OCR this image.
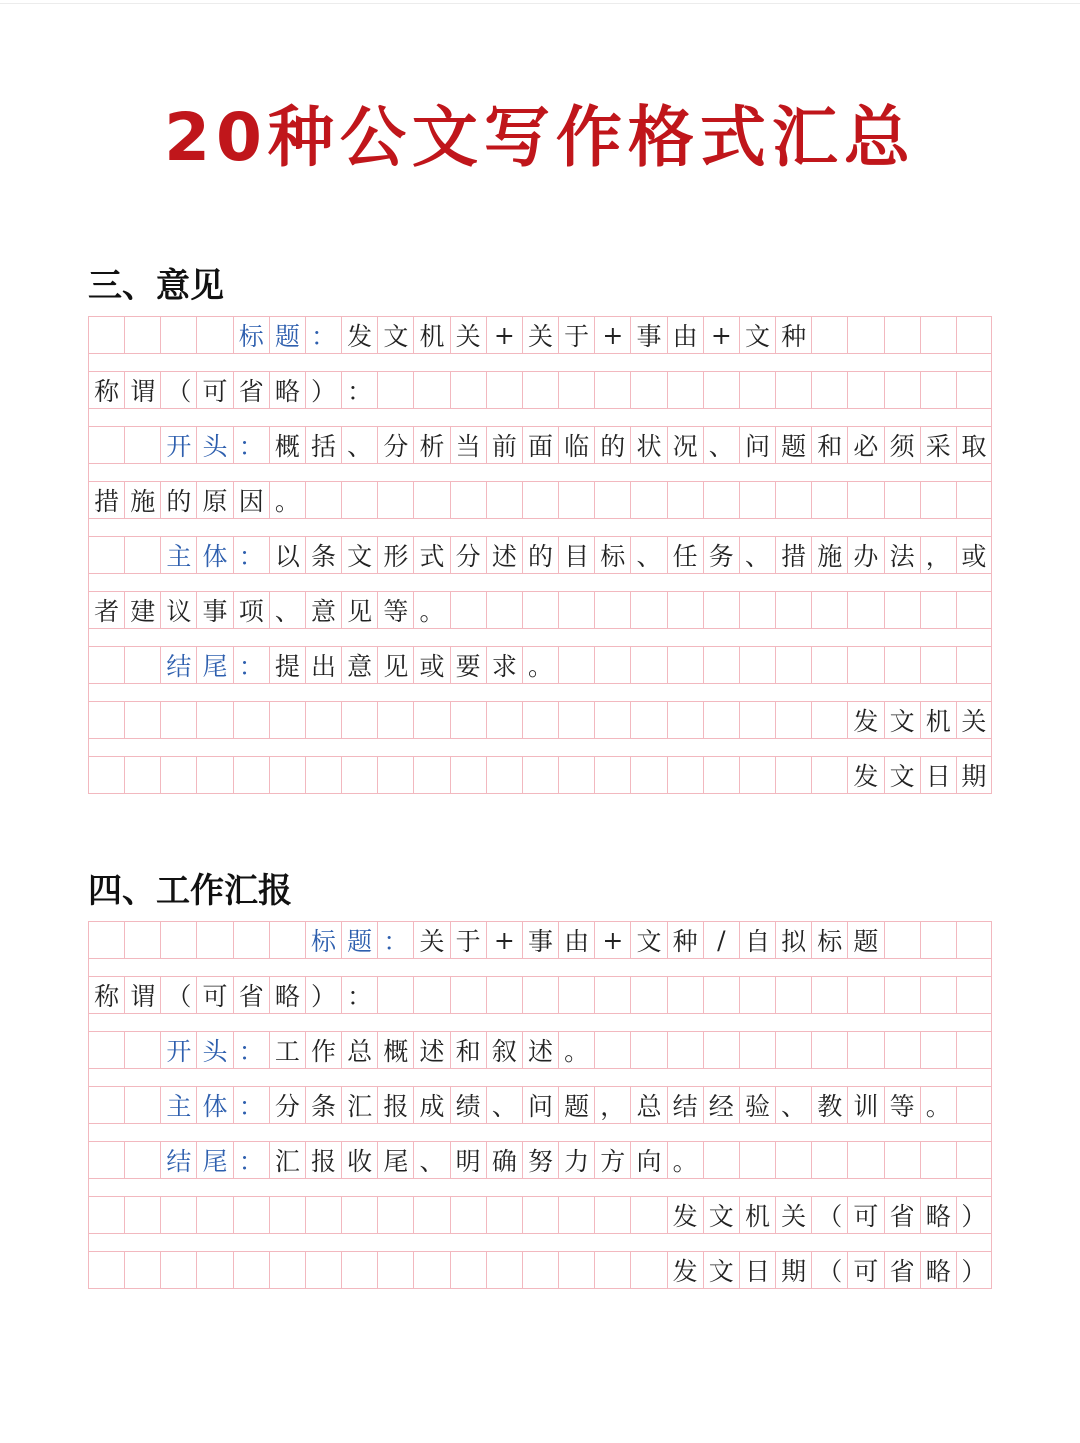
20种公文写作格式汇总
三、意见
标 题 ： 发 文 机 关 + 关 于 + 事 由 + 文 种
称 谓 （ 可 省 略 ） ：
开 头 ： 概 括 、 分 析 当 前 面 临 的 状 况 、 问 题 和 必 须 采 取
措 施 的 原 因 。
主 体 ： 以 条 文 形 式 分 述 的 目 标 、 任 务 、 措 施 办 法 ， 或
者 建 议 事 项 、 意 见 等 。
结 尾 ： 提 出 意 见 或 要 求 。
发 文 机 关
发 文 日 期
四、工作汇报
标 题 ： 关 于 + 事 由 + 文 种 / 自 拟 标 题
称 谓 （ 可 省 略 ） ：
开 头 ： 工 作 总 概 述 和 叙 述 。
主 体 ： 分 条 汇 报 成 绩 、 问 题 ， 总 结 经 验 、 教 训 等 。
结 尾 ： 汇 报 收 尾 、 明 确 努 力 方 向 。
发 文 机 关 （ 可 省 略 ）
发 文 日 期 （ 可 省 略 ）
